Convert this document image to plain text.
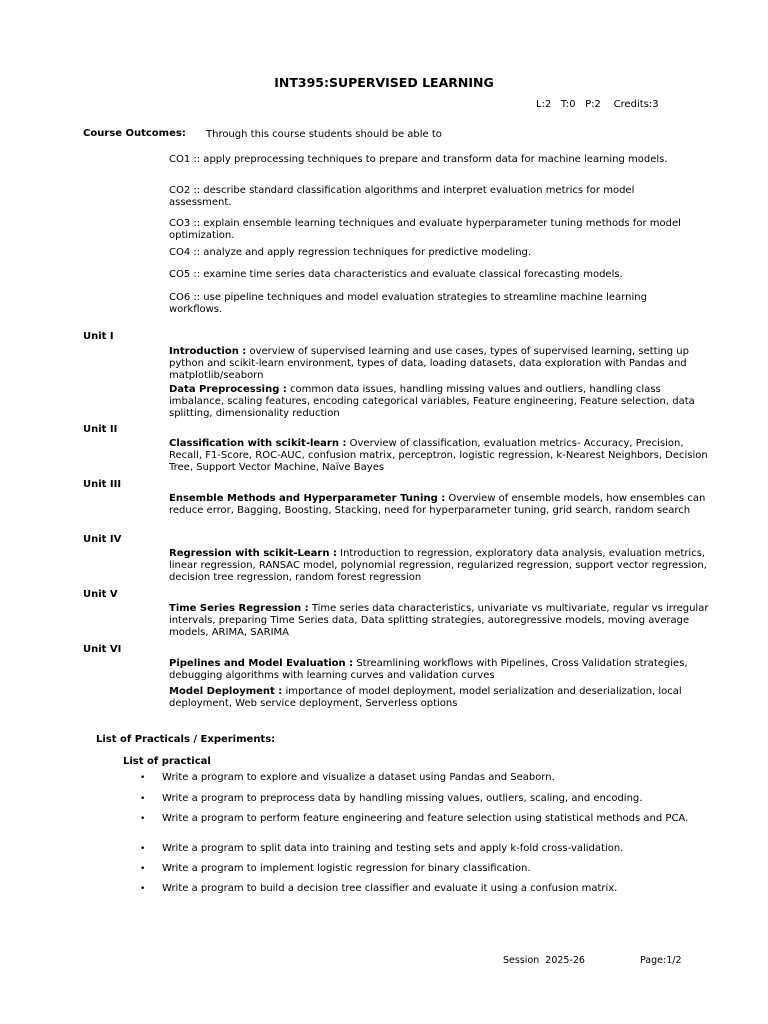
INT395:SUPERVISED LEARNING
L:2   T:0   P:2    Credits:3
Course Outcomes: Through this course students should be able to
CO1 :: apply preprocessing techniques to prepare and transform data for machine learning models.
CO2 :: describe standard classification algorithms and interpret evaluation metrics for model assessment.
CO3 :: explain ensemble learning techniques and evaluate hyperparameter tuning methods for model optimization.
CO4 :: analyze and apply regression techniques for predictive modeling.
CO5 :: examine time series data characteristics and evaluate classical forecasting models.
CO6 :: use pipeline techniques and model evaluation strategies to streamline machine learning workflows.
Unit I
Introduction : overview of supervised learning and use cases, types of supervised learning, setting up python and scikit-learn environment, types of data, loading datasets, data exploration with Pandas and matplotlib/seaborn
Data Preprocessing : common data issues, handling missing values and outliers, handling class imbalance, scaling features, encoding categorical variables, Feature engineering, Feature selection, data splitting, dimensionality reduction
Unit II
Classification with scikit-learn : Overview of classification, evaluation metrics- Accuracy, Precision, Recall, F1-Score, ROC-AUC, confusion matrix, perceptron, logistic regression, k-Nearest Neighbors, Decision Tree, Support Vector Machine, Naïve Bayes
Unit III
Ensemble Methods and Hyperparameter Tuning : Overview of ensemble models, how ensembles can reduce error, Bagging, Boosting, Stacking, need for hyperparameter tuning, grid search, random search
Unit IV
Regression with scikit-Learn : Introduction to regression, exploratory data analysis, evaluation metrics, linear regression, RANSAC model, polynomial regression, regularized regression, support vector regression, decision tree regression, random forest regression
Unit V
Time Series Regression : Time series data characteristics, univariate vs multivariate, regular vs irregular intervals, preparing Time Series data, Data splitting strategies, autoregressive models, moving average models, ARIMA, SARIMA
Unit VI
Pipelines and Model Evaluation : Streamlining workflows with Pipelines, Cross Validation strategies, debugging algorithms with learning curves and validation curves
Model Deployment : importance of model deployment, model serialization and deserialization, local deployment, Web service deployment, Serverless options
List of Practicals / Experiments:
List of practical
• Write a program to explore and visualize a dataset using Pandas and Seaborn.
• Write a program to preprocess data by handling missing values, outliers, scaling, and encoding.
• Write a program to perform feature engineering and feature selection using statistical methods and PCA.
• Write a program to split data into training and testing sets and apply k-fold cross-validation.
• Write a program to implement logistic regression for binary classification.
• Write a program to build a decision tree classifier and evaluate it using a confusion matrix.
Session  2025-26	Page:1/2
